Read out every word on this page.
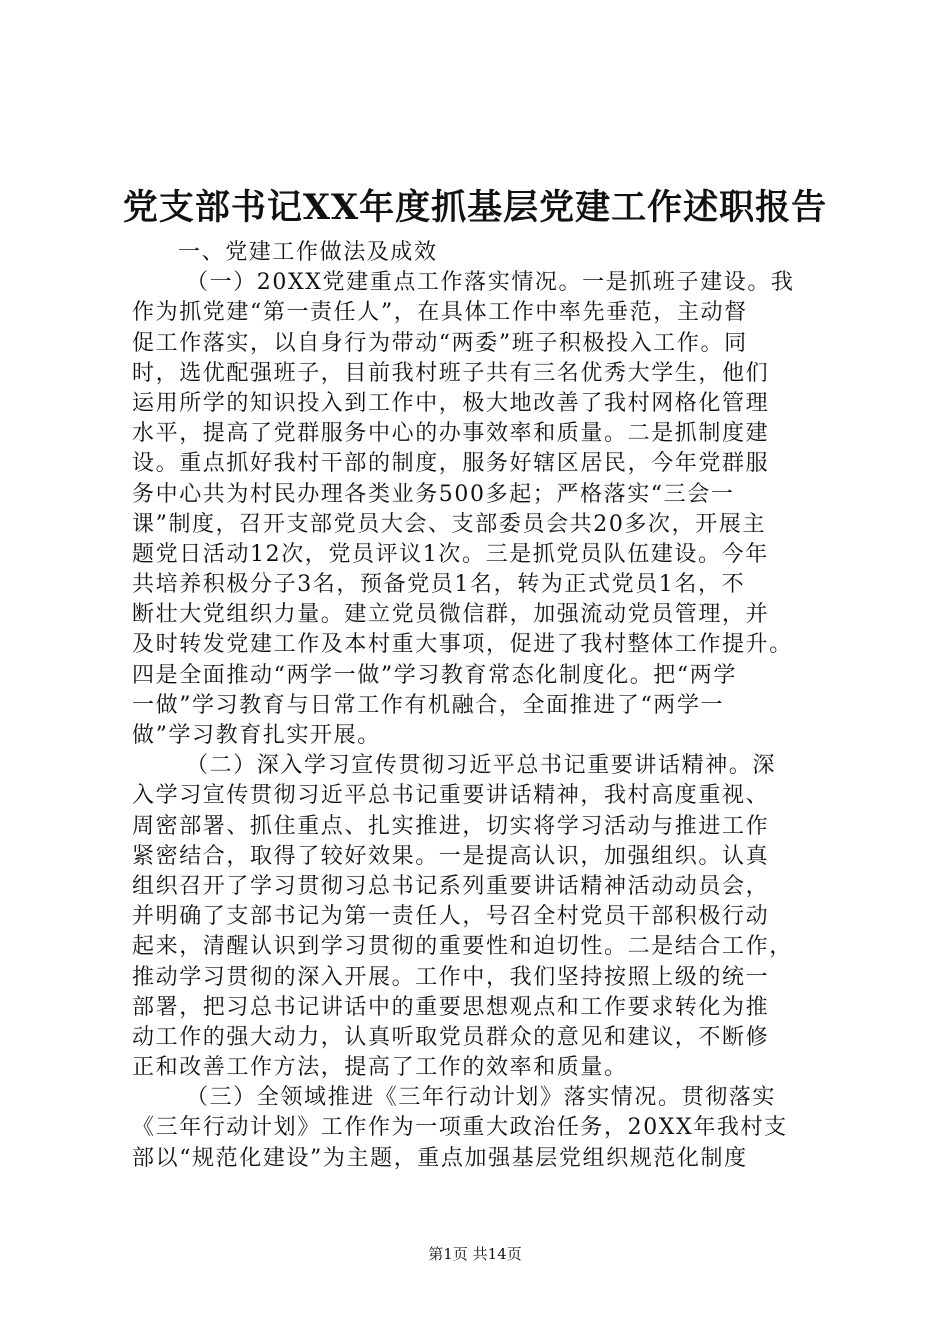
党支部书记XX年度抓基层党建工作述职报告
一、党建工作做法及成效
（一）20XX党建重点工作落实情况。一是抓班子建设。我
作为抓党建“第一责任人”，在具体工作中率先垂范，主动督
促工作落实，以自身行为带动“两委”班子积极投入工作。同
时，选优配强班子，目前我村班子共有三名优秀大学生，他们
运用所学的知识投入到工作中，极大地改善了我村网格化管理
水平，提高了党群服务中心的办事效率和质量。二是抓制度建
设。重点抓好我村干部的制度，服务好辖区居民，今年党群服
务中心共为村民办理各类业务500多起；严格落实“三会一
课”制度，召开支部党员大会、支部委员会共20多次，开展主
题党日活动12次，党员评议1次。三是抓党员队伍建设。今年
共培养积极分子3名，预备党员1名，转为正式党员1名，不
断壮大党组织力量。建立党员微信群，加强流动党员管理，并
及时转发党建工作及本村重大事项，促进了我村整体工作提升。
四是全面推动“两学一做”学习教育常态化制度化。把“两学
一做”学习教育与日常工作有机融合，全面推进了“两学一
做”学习教育扎实开展。
（二）深入学习宣传贯彻习近平总书记重要讲话精神。深
入学习宣传贯彻习近平总书记重要讲话精神，我村高度重视、
周密部署、抓住重点、扎实推进，切实将学习活动与推进工作
紧密结合，取得了较好效果。一是提高认识，加强组织。认真
组织召开了学习贯彻习总书记系列重要讲话精神活动动员会，
并明确了支部书记为第一责任人，号召全村党员干部积极行动
起来，清醒认识到学习贯彻的重要性和迫切性。二是结合工作，
推动学习贯彻的深入开展。工作中，我们坚持按照上级的统一
部署，把习总书记讲话中的重要思想观点和工作要求转化为推
动工作的强大动力，认真听取党员群众的意见和建议，不断修
正和改善工作方法，提高了工作的效率和质量。
（三）全领域推进《三年行动计划》落实情况。贯彻落实
《三年行动计划》工作作为一项重大政治任务，20XX年我村支
部以“规范化建设”为主题，重点加强基层党组织规范化制度
第1页 共14页
